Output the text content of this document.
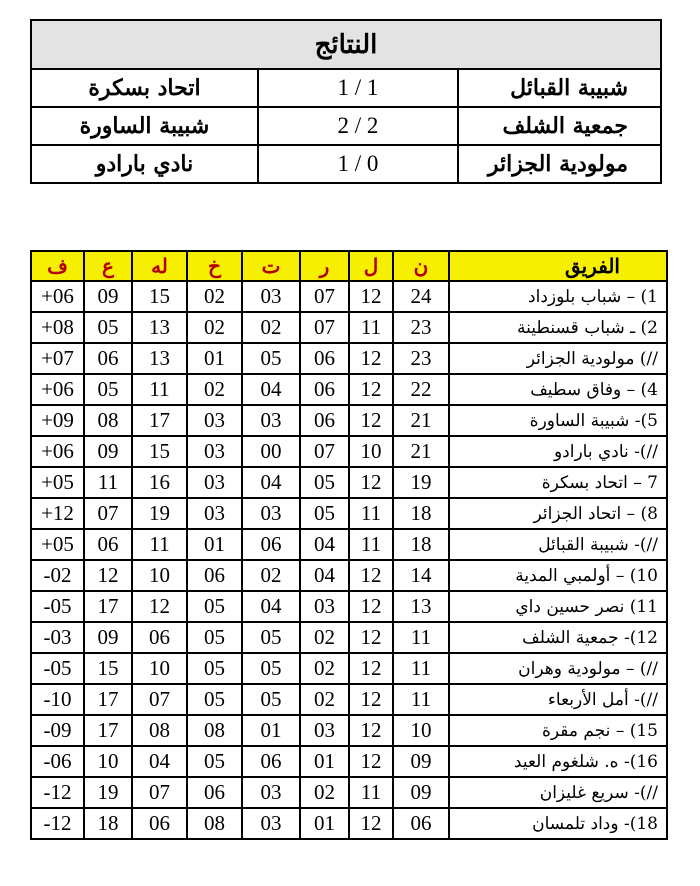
النتائج		
اتحاد بسكرة	1 / 1	شبيبة القبائل
شبيبة الساورة	2 / 2	جمعية الشلف
نادي بارادو	1 / 0	مولودية الجزائر
ف	ع	له	خ	ت	ر	ل	ن	الفريق
+06	09	15	02	03	07	12	24	1) – شباب بلوزداد
+08	05	13	02	02	07	11	23	2) ـ شباب قسنطينة
+07	06	13	01	05	06	12	23	//) مولودية الجزائر
+06	05	11	02	04	06	12	22	4) – وفاق سطيف
+09	08	17	03	03	06	12	21	5)- شبيبة الساورة
+06	09	15	03	00	07	10	21	//)- نادي بارادو
+05	11	16	03	04	05	12	19	7 – اتحاد بسكرة
+12	07	19	03	03	05	11	18	8) – اتحاد الجزائر
+05	06	11	01	06	04	11	18	//)- شبيبة القبائل
-02	12	10	06	02	04	12	14	10) – أولمبي المدية
-05	17	12	05	04	03	12	13	11) نصر حسين داي
-03	09	06	05	05	02	12	11	12)- جمعية الشلف
-05	15	10	05	05	02	12	11	//) – مولودية وهران
-10	17	07	05	05	02	12	11	//)- أمل الأربعاء
-09	17	08	08	01	03	12	10	15) – نجم مقرة
-06	10	04	05	06	01	12	09	16)- ه. شلغوم العيد
-12	19	07	06	03	02	11	09	//)- سريع غليزان
-12	18	06	08	03	01	12	06	18)- وداد تلمسان
